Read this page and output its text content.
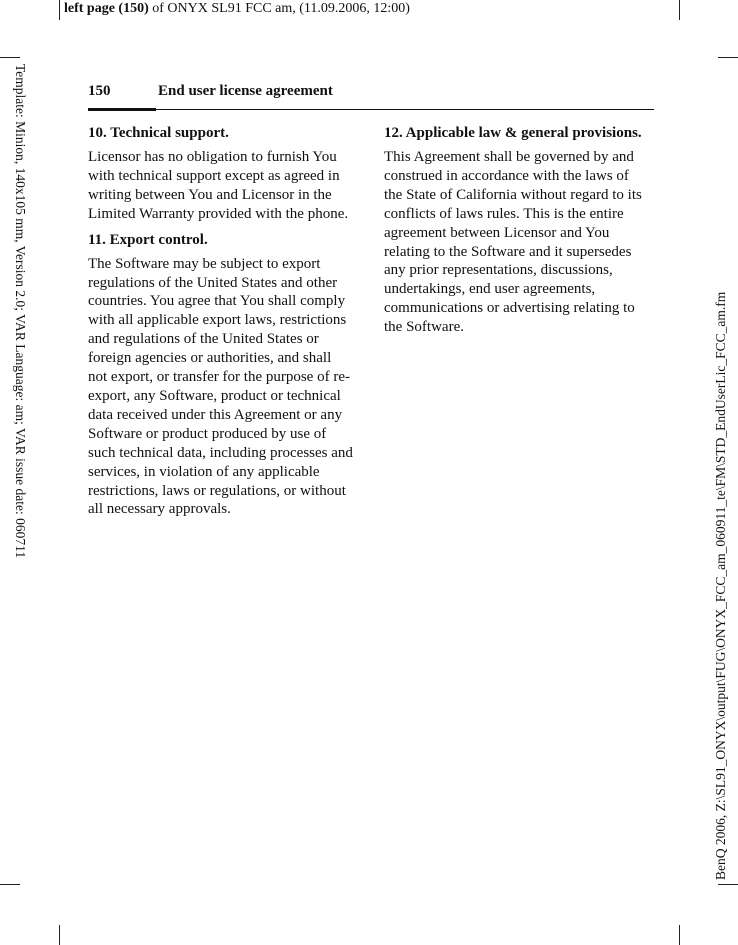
left page (150) of ONYX SL91 FCC am, (11.09.2006, 12:00)
Template: Minion, 140x105 mm, Version 2.0; VAR Language: am; VAR issue date: 060711	BenQ 2006, Z:\SL91_ONYX\output\FUG\ONYX_FCC_am_060911_te\FM\STD_EndUserLic_FCC_am.fm
150	End user license agreement
10. Technical support.

Licensor has no obligation to furnish You with technical support except as agreed in writing between You and Licensor in the Limited Warranty provided with the phone.

11. Export control.

The Software may be subject to export regulations of the United States and other countries. You agree that You shall comply with all applicable export laws, restrictions and regulations of the United States or foreign agencies or authorities, and shall not export, or transfer for the purpose of re-export, any Software, product or technical data received under this Agreement or any Software or product produced by use of such technical data, including processes and services, in violation of any applicable restrictions, laws or regulations, or without all necessary approvals.

12. Applicable law & general provisions.

This Agreement shall be governed by and construed in accordance with the laws of the State of California without regard to its conflicts of laws rules. This is the entire agreement between Licensor and You relating to the Software and it supersedes any prior representations, discussions, undertakings, end user agreements, communications or advertising relating to the Software.
